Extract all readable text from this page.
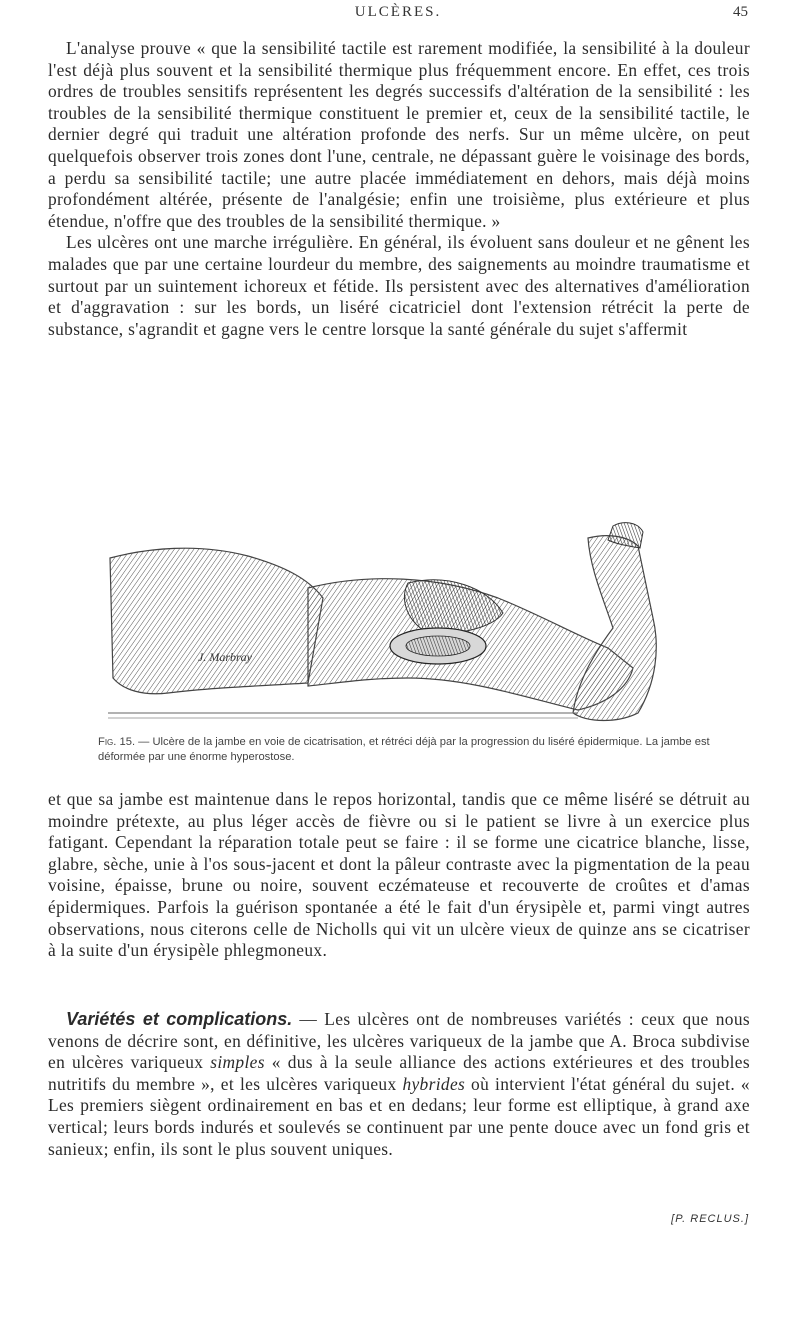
ULCÈRES.	45

L'analyse prouve « que la sensibilité tactile est rarement modifiée, la sensibilité à la douleur l'est déjà plus souvent et la sensibilité thermique plus fréquemment encore. En effet, ces trois ordres de troubles sensitifs représentent les degrés successifs d'altération de la sensibilité : les troubles de la sensibilité thermique constituent le premier et, ceux de la sensibilité tactile, le dernier degré qui traduit une altération profonde des nerfs. Sur un même ulcère, on peut quelquefois observer trois zones dont l'une, centrale, ne dépassant guère le voisinage des bords, a perdu sa sensibilité tactile; une autre placée immédiatement en dehors, mais déjà moins profondément altérée, présente de l'analgésie; enfin une troisième, plus extérieure et plus étendue, n'offre que des troubles de la sensibilité thermique. »

Les ulcères ont une marche irrégulière. En général, ils évoluent sans douleur et ne gênent les malades que par une certaine lourdeur du membre, des saignements au moindre traumatisme et surtout par un suintement ichoreux et fétide. Ils persistent avec des alternatives d'amélioration et d'aggravation : sur les bords, un liséré cicatriciel dont l'extension rétrécit la perte de substance, s'agrandit et gagne vers le centre lorsque la santé générale du sujet s'affermit

J. Marbray
Fig. 15. — Ulcère de la jambe en voie de cicatrisation, et rétréci déjà par la progression du liséré épidermique. La jambe est déformée par une énorme hyperostose.

et que sa jambe est maintenue dans le repos horizontal, tandis que ce même liséré se détruit au moindre prétexte, au plus léger accès de fièvre ou si le patient se livre à un exercice plus fatigant. Cependant la réparation totale peut se faire : il se forme une cicatrice blanche, lisse, glabre, sèche, unie à l'os sous-jacent et dont la pâleur contraste avec la pigmentation de la peau voisine, épaisse, brune ou noire, souvent eczémateuse et recouverte de croûtes et d'amas épidermiques. Parfois la guérison spontanée a été le fait d'un érysipèle et, parmi vingt autres observations, nous citerons celle de Nicholls qui vit un ulcère vieux de quinze ans se cicatriser à la suite d'un érysipèle phlegmoneux.

Variétés et complications. — Les ulcères ont de nombreuses variétés : ceux que nous venons de décrire sont, en définitive, les ulcères variqueux de la jambe que A. Broca subdivise en ulcères variqueux simples « dus à la seule alliance des actions extérieures et des troubles nutritifs du membre », et les ulcères variqueux hybrides où intervient l'état général du sujet. « Les premiers siègent ordinairement en bas et en dedans; leur forme est elliptique, à grand axe vertical; leurs bords indurés et soulevés se continuent par une pente douce avec un fond gris et sanieux; enfin, ils sont le plus souvent uniques.

[P. RECLUS.]
